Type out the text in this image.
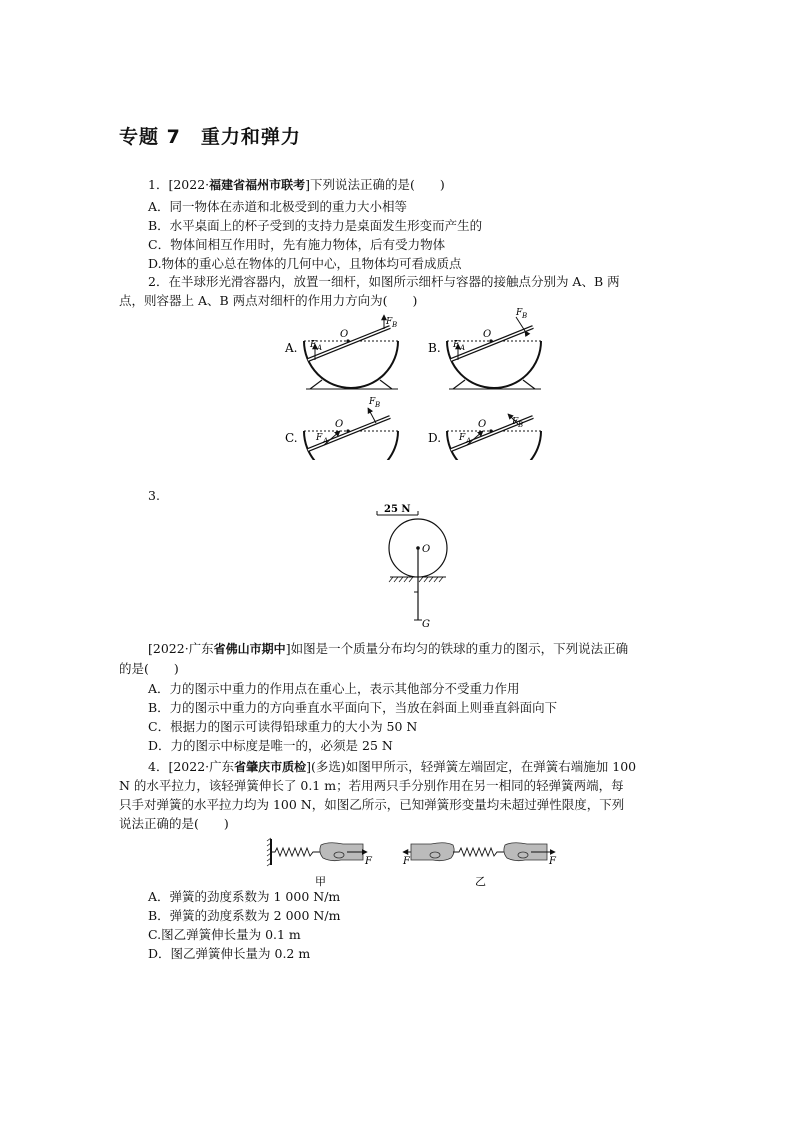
专题 7　重力和弹力
1．[2022·福建省福州市联考]下列说法正确的是(　　)
A．同一物体在赤道和北极受到的重力大小相等
B．水平桌面上的杯子受到的支持力是桌面发生形变而产生的
C．物体间相互作用时，先有施力物体，后有受力物体
D.物体的重心总在物体的几何中心，且物体均可看成质点
2．在半球形光滑容器内，放置一细杆，如图所示细杆与容器的接触点分别为 A、B 两
点，则容器上 A、B 两点对细杆的作用力方向为(　　)
A.
O
F A
F B
B.
O
F A
F B
C.
O
F A
F B
D.
O
F A
F B
3.
25 N
O
G
[2022·广东省佛山市期中]如图是一个质量分布均匀的铁球的重力的图示，下列说法正确
的是(　　)
A．力的图示中重力的作用点在重心上，表示其他部分不受重力作用
B．力的图示中重力的方向垂直水平面向下，当放在斜面上则垂直斜面向下
C．根据力的图示可读得铅球重力的大小为 50 N
D．力的图示中标度是唯一的，必须是 25 N
4．[2022·广东省肇庆市质检](多选)如图甲所示，轻弹簧左端固定，在弹簧右端施加 100
N 的水平拉力，该轻弹簧伸长了 0.1 m；若用两只手分别作用在另一相同的轻弹簧两端，每
只手对弹簧的水平拉力均为 100 N，如图乙所示，已知弹簧形变量均未超过弹性限度，下列
说法正确的是(　　)
F
甲
F	F
乙
A．弹簧的劲度系数为 1 000 N/m
B．弹簧的劲度系数为 2 000 N/m
C.图乙弹簧伸长量为 0.1 m
D．图乙弹簧伸长量为 0.2 m
